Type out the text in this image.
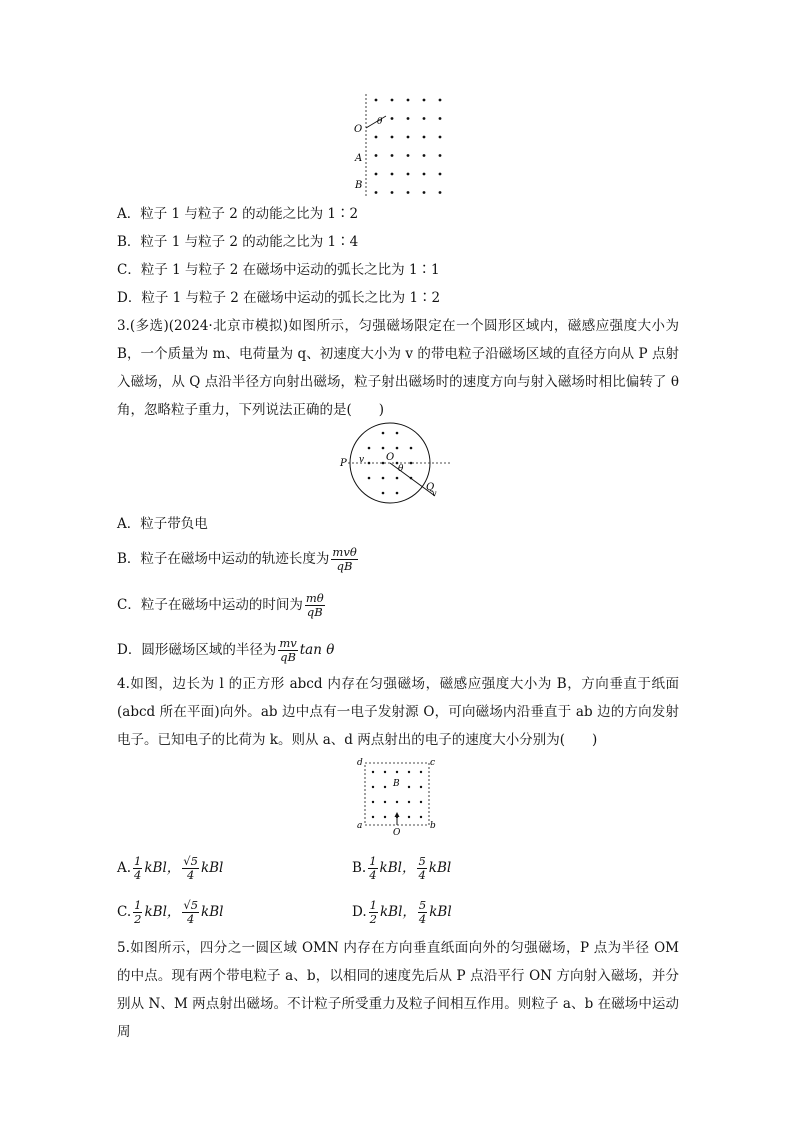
θ
O
A
B
A．粒子 1 与粒子 2 的动能之比为 1∶2
B．粒子 1 与粒子 2 的动能之比为 1∶4
C．粒子 1 与粒子 2 在磁场中运动的弧长之比为 1∶1
D．粒子 1 与粒子 2 在磁场中运动的弧长之比为 1∶2
3.(多选)(2024·北京市模拟)如图所示，匀强磁场限定在一个圆形区域内，磁感应强度大小为 B，一个质量为 m、电荷量为 q、初速度大小为 v 的带电粒子沿磁场区域的直径方向从 P 点射入磁场，从 Q 点沿半径方向射出磁场，粒子射出磁场时的速度方向与射入磁场时相比偏转了 θ 角，忽略粒子重力，下列说法正确的是(　　)
P v O
θ
Q
v
A．粒子带负电
B．粒子在磁场中运动的轨迹长度为 $\frac{\text{mvθ}}{qB}$
C．粒子在磁场中运动的时间为 $\frac{m\theta}{qB}$
D．圆形磁场区域的半径为 $\frac{mv}{qB}$ tan θ
4.如图，边长为 l 的正方形 abcd 内存在匀强磁场，磁感应强度大小为 B，方向垂直于纸面(abcd 所在平面)向外。ab 边中点有一电子发射源 O，可向磁场内沿垂直于 ab 边的方向发射电子。已知电子的比荷为 k。则从 a、d 两点射出的电子的速度大小分别为(　　)
d	c
a	b
B
O
A. $\frac{1}{4}$ kBl， $\frac{√5}{4}$ kBl	B. $\frac{1}{4}$ kBl， $\frac{5}{4}$ kBl
C. $\frac{1}{2}$ kBl， $\frac{√5}{4}$ kBl	D. $\frac{1}{2}$ kBl， $\frac{5}{4}$ kBl
5.如图所示，四分之一圆区域 OMN 内存在方向垂直纸面向外的匀强磁场，P 点为半径 OM 的中点。现有两个带电粒子 a、b，以相同的速度先后从 P 点沿平行 ON 方向射入磁场，并分别从 N、M 两点射出磁场。不计粒子所受重力及粒子间相互作用。则粒子 a、b 在磁场中运动周
